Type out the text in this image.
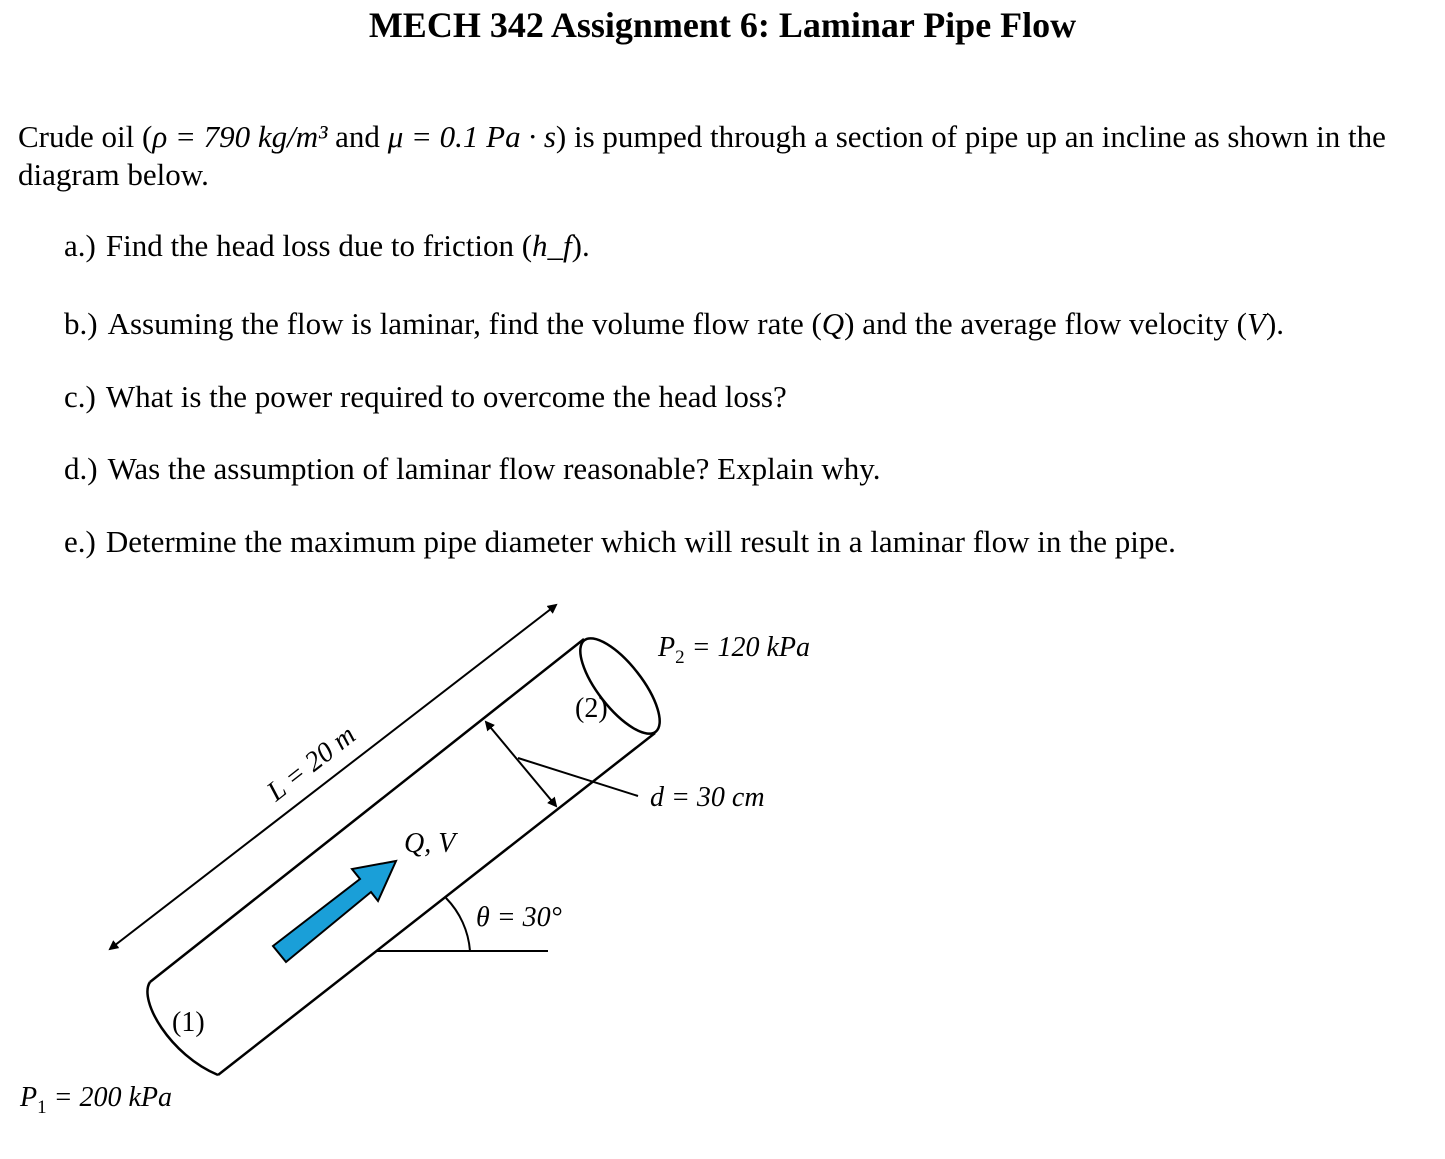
MECH 342 Assignment 6: Laminar Pipe Flow
Crude oil (ρ = 790 kg/m³ and μ = 0.1 Pa · s) is pumped through a section of pipe up an incline as shown in the diagram below.
a.) Find the head loss due to friction (h_f).
b.) Assuming the flow is laminar, find the volume flow rate (Q) and the average flow velocity (V).
c.) What is the power required to overcome the head loss?
d.) Was the assumption of laminar flow reasonable? Explain why.
e.) Determine the maximum pipe diameter which will result in a laminar flow in the pipe.
L = 20 m	d = 30 cm
Q, V
θ = 30°
(1)
(2)
$P_2 = 120$ kPa
$P_1 = 200$ kPa
